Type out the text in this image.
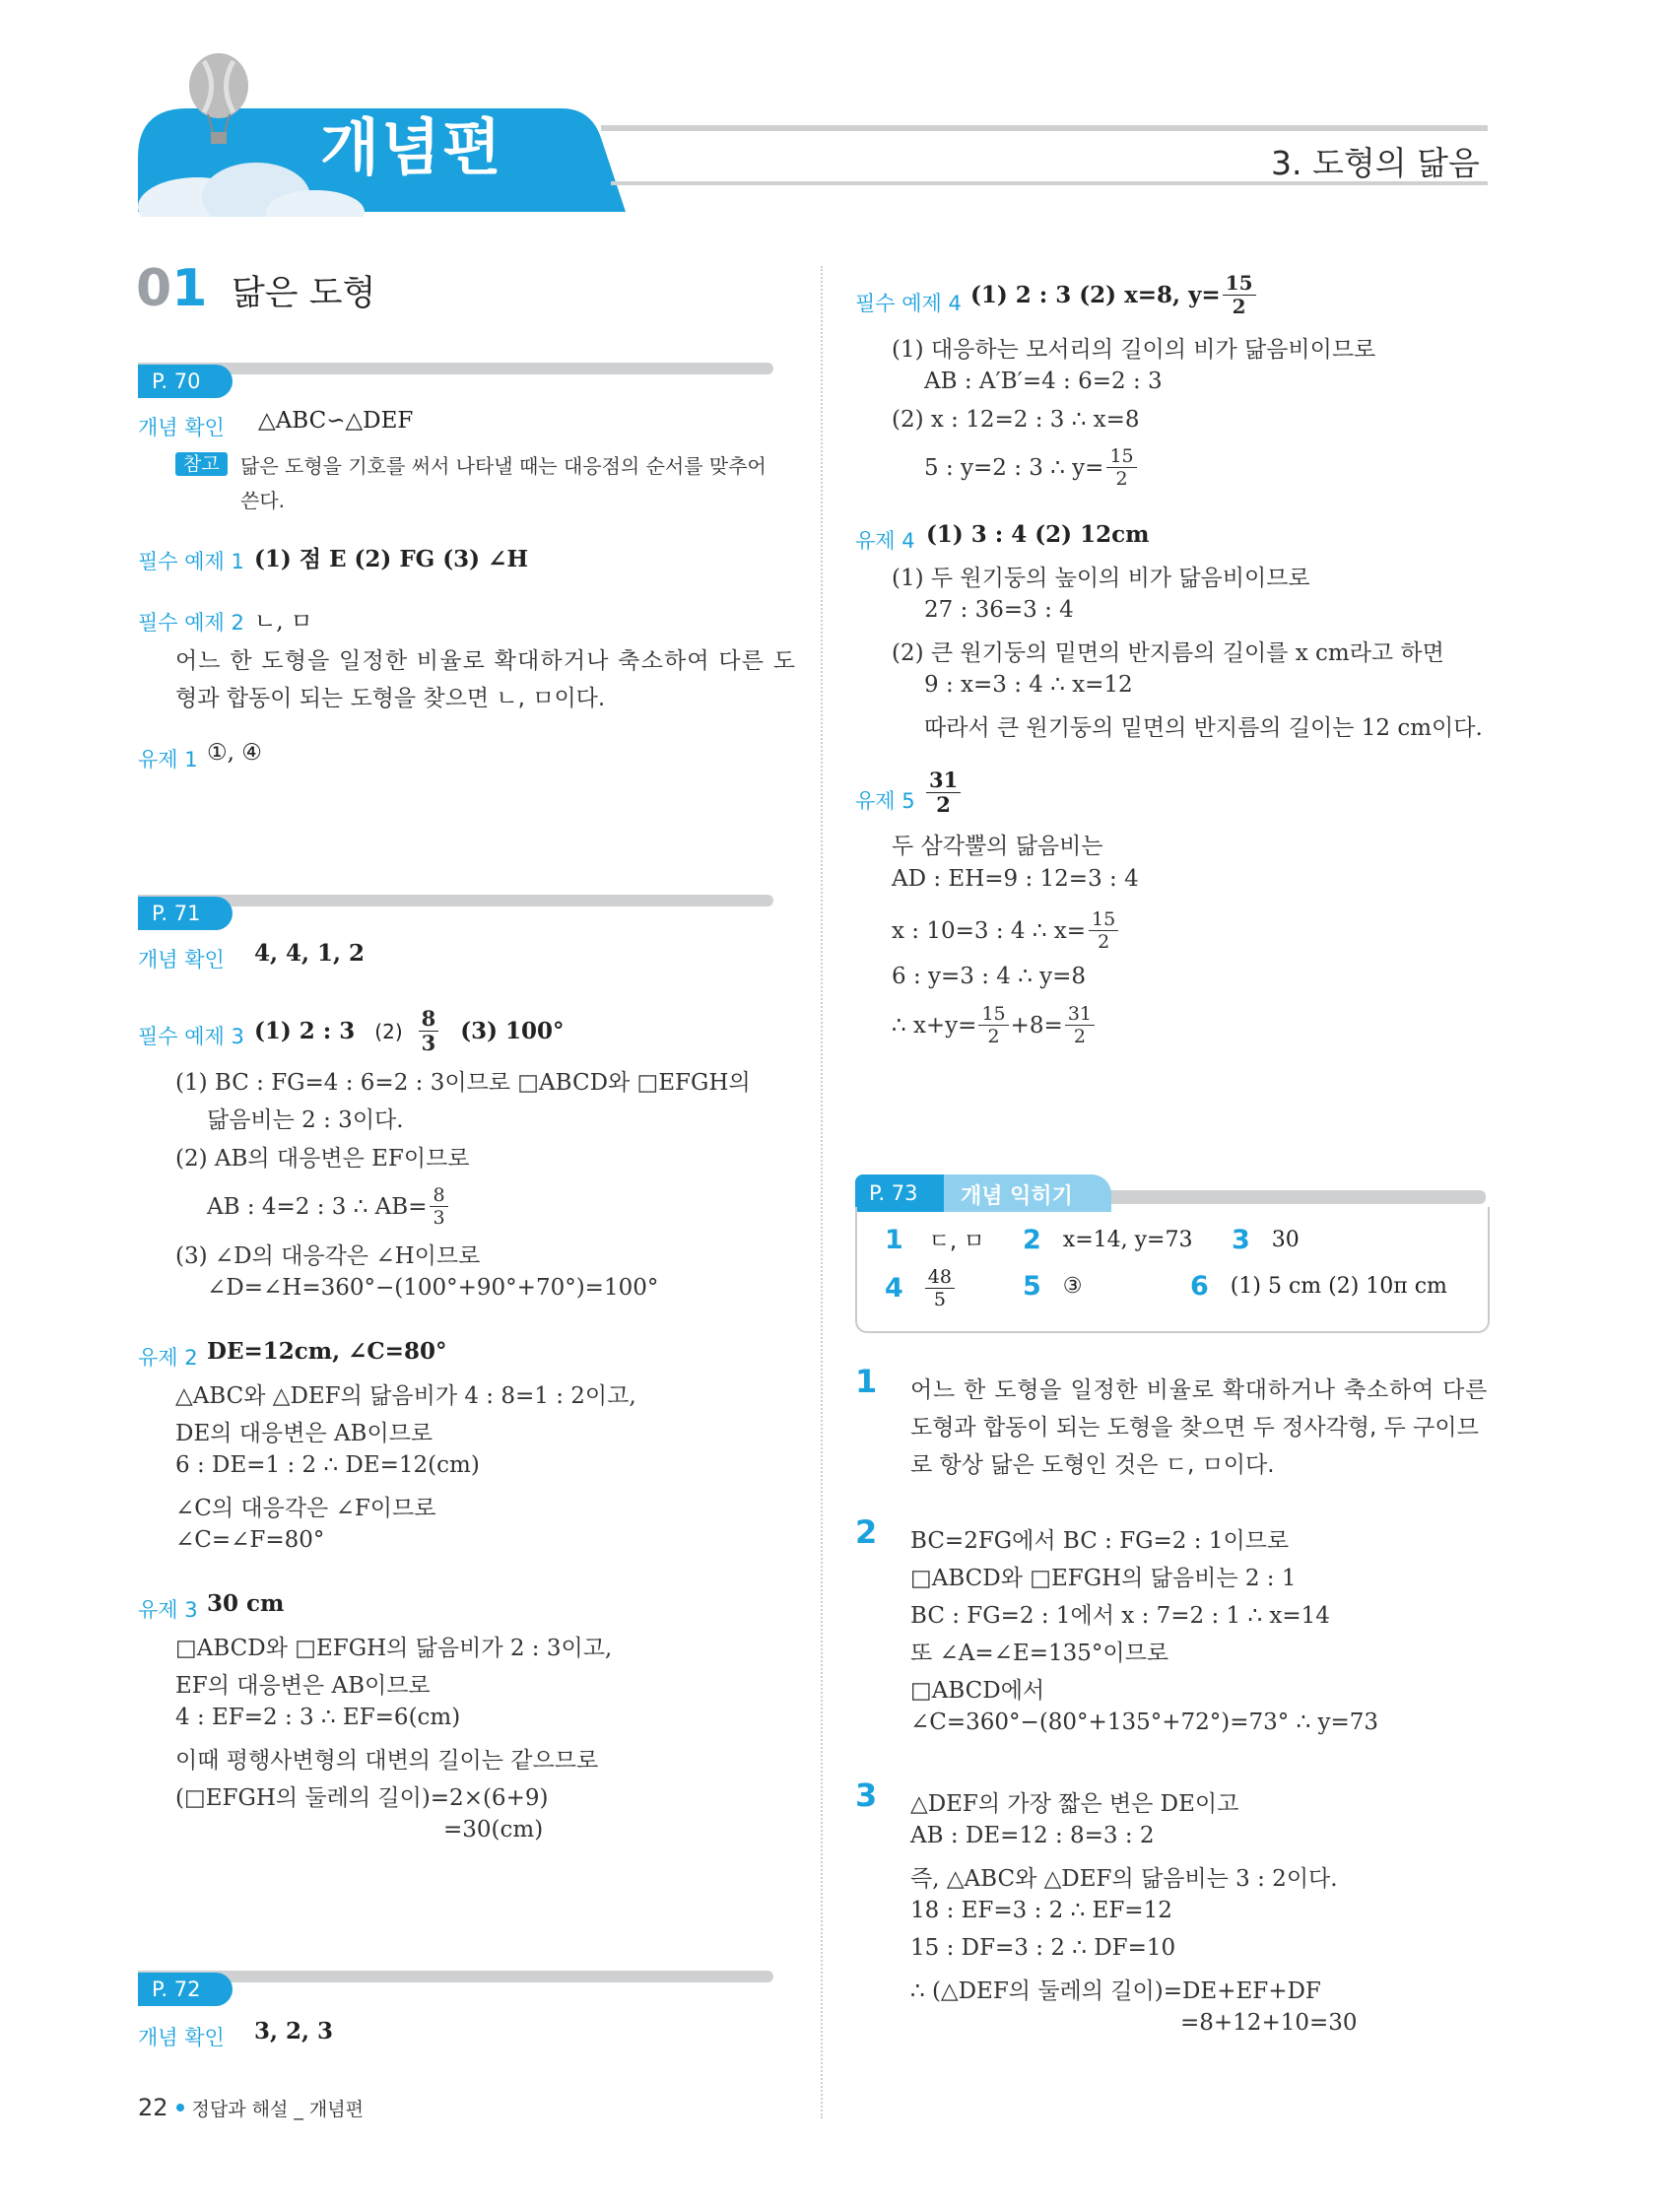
개념편	3. 도형의 닮음
01 닮은 도형
P. 70
개념 확인 △ABC∽△DEF
참고	닮은 도형을 기호를 써서 나타낼 때는 대응점의 순서를 맞추어
쓴다.
필수 예제 1 (1) 점 E (2) FG (3) ∠H
필수 예제 2 ㄴ, ㅁ
어느 한 도형을 일정한 비율로 확대하거나 축소하여 다른 도
형과 합동이 되는 도형을 찾으면 ㄴ, ㅁ이다.
유제 1 ①, ④
P. 71
개념 확인 4, 4, 1, 2
필수 예제 3 (1) 2 : 3 $(2) \frac{8}{3} (3)$ 100°
(1) BC : FG=4 : 6=2 : 3이므로 □ABCD와 □EFGH의
닮음비는 2 : 3이다.
(2) AB의 대응변은 EF이므로
AB : 4=2 : 3 ∴ $AB= \frac{8}{3}$
(3) ∠D의 대응각은 ∠H이므로
∠D=∠H=360°−(100°+90°+70°)=100°
유제 2 DE=12cm, ∠C=80°
△ABC와 △DEF의 닮음비가 4 : 8=1 : 2이고,
DE의 대응변은 AB이므로
6 : DE=1 : 2 ∴ DE=12(cm)
∠C의 대응각은 ∠F이므로
∠C=∠F=80°
유제 3 30 cm
□ABCD와 □EFGH의 닮음비가 2 : 3이고,
EF의 대응변은 AB이므로
4 : EF=2 : 3 ∴ EF=6(cm)
이때 평행사변형의 대변의 길이는 같으므로
(□EFGH의 둘레의 길이)=2×(6+9)
=30(cm)
P. 72
개념 확인 3, 2, 3
22 정답과 해설 _ 개념편
필수 예제 4 (1) 2 : 3 (2) x=8, $y= \frac{15}{2}$
(1) 대응하는 모서리의 길이의 비가 닮음비이므로
AB : A′B′=4 : 6=2 : 3
(2) x : 12=2 : 3 ∴ x=8
5 : y=2 : 3 ∴ $y= \frac{15}{2}$
유제 4 (1) 3 : 4 (2) 12cm
(1) 두 원기둥의 높이의 비가 닮음비이므로
27 : 36=3 : 4
(2) 큰 원기둥의 밑면의 반지름의 길이를 x cm라고 하면
9 : x=3 : 4 ∴ x=12
따라서 큰 원기둥의 밑면의 반지름의 길이는 12 cm이다.
유제 $5 \frac{31}{2}$
두 삼각뿔의 닮음비는
AD : EH=9 : 12=3 : 4
x : 10=3 : 4 ∴ $x= \frac{15}{2}$
6 : y=3 : 4 ∴ y=8
∴ $x+y= \frac{15}{2} +8= \frac{31}{2}$
P. 73	개념 익히기
1 ㄷ, ㅁ 2 x=14, y=73 3 30
$4 \frac{48}{5}$	5 ③	6 (1) 5 cm (2) 10π cm
1 어느 한 도형을 일정한 비율로 확대하거나 축소하여 다른
도형과 합동이 되는 도형을 찾으면 두 정사각형, 두 구이므
로 항상 닮은 도형인 것은 ㄷ, ㅁ이다.
2 BC=2FG에서 BC : FG=2 : 1이므로
□ABCD와 □EFGH의 닮음비는 2 : 1
BC : FG=2 : 1에서 x : 7=2 : 1 ∴ x=14
또 ∠A=∠E=135°이므로
□ABCD에서
∠C=360°−(80°+135°+72°)=73° ∴ y=73
3 △DEF의 가장 짧은 변은 DE이고
AB : DE=12 : 8=3 : 2
즉, △ABC와 △DEF의 닮음비는 3 : 2이다.
18 : EF=3 : 2 ∴ EF=12
15 : DF=3 : 2 ∴ DF=10
∴ (△DEF의 둘레의 길이)=DE+EF+DF
=8+12+10=30
